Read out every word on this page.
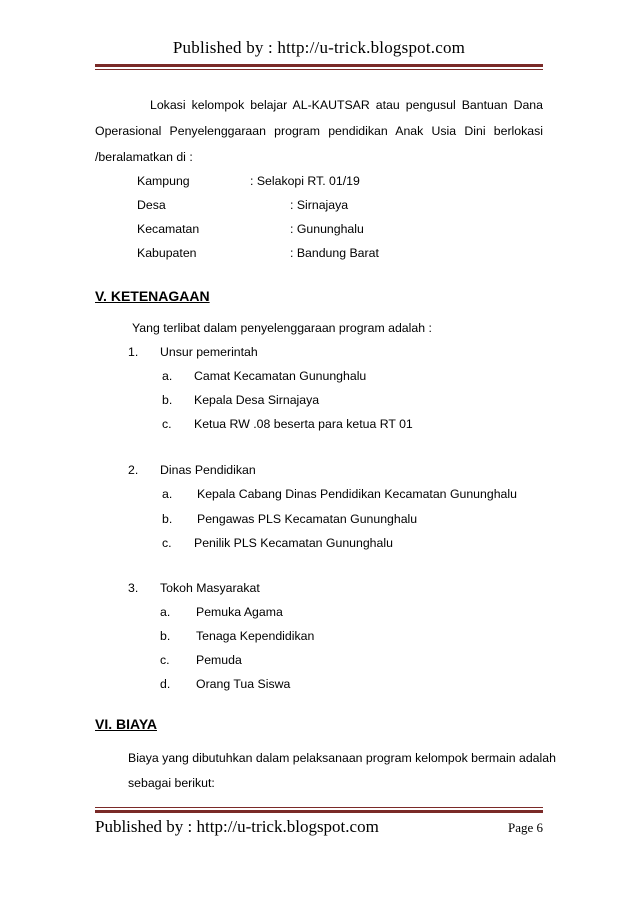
Published by : http://u-trick.blogspot.com
Lokasi kelompok belajar AL-KAUTSAR atau pengusul Bantuan Dana
Operasional Penyelenggaraan program pendidikan Anak Usia Dini berlokasi
/beralamatkan di :
Kampung	: Selakopi RT. 01/19
Desa	: Sirnajaya
Kecamatan	: Gununghalu
Kabupaten	: Bandung Barat
V. KETENAGAAN
Yang terlibat dalam penyelenggaraan program adalah :
1. Unsur pemerintah
a. Camat Kecamatan Gununghalu
b. Kepala Desa Sirnajaya
c. Ketua RW .08 beserta para ketua RT 01
2. Dinas Pendidikan
a. Kepala Cabang Dinas Pendidikan Kecamatan Gununghalu
b. Pengawas PLS Kecamatan Gununghalu
c. Penilik PLS Kecamatan Gununghalu
3. Tokoh Masyarakat
a. Pemuka Agama
b. Tenaga Kependidikan
c. Pemuda
d. Orang Tua Siswa
VI. BIAYA
Biaya yang dibutuhkan dalam pelaksanaan program kelompok bermain adalah
sebagai berikut:
Published by : http://u-trick.blogspot.com	Page 6
